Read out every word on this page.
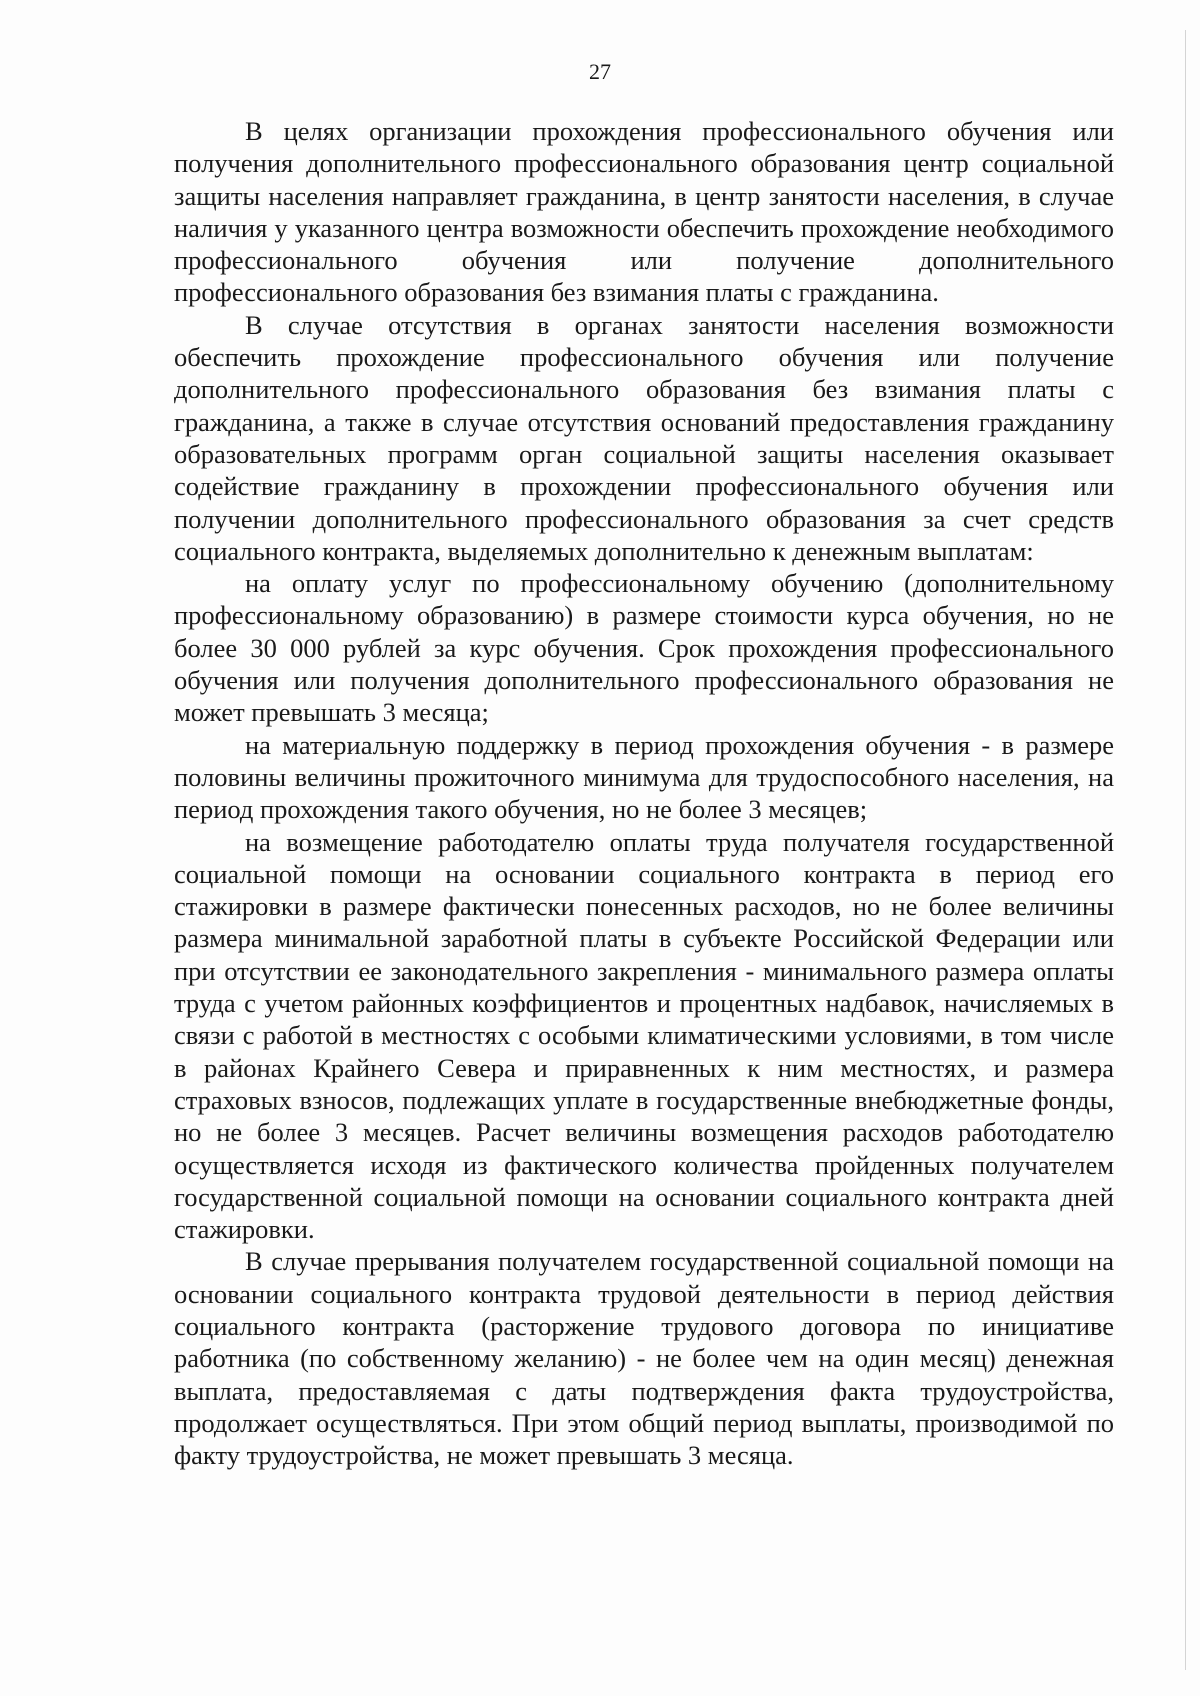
27

В целях организации прохождения профессионального обучения или получения дополнительного профессионального образования центр социальной защиты населения направляет гражданина, в центр занятости населения, в случае наличия у указанного центра возможности обеспечить прохождение необходимого профессионального обучения или получение дополнительного профессионального образования без взимания платы с гражданина.

В случае отсутствия в органах занятости населения возможности обеспечить прохождение профессионального обучения или получение дополнительного профессионального образования без взимания платы с гражданина, а также в случае отсутствия оснований предоставления гражданину образовательных программ орган социальной защиты населения оказывает содействие гражданину в прохождении профессионального обучения или получении дополнительного профессионального образования за счет средств социального контракта, выделяемых дополнительно к денежным выплатам:

на оплату услуг по профессиональному обучению (дополнительному профессиональному образованию) в размере стоимости курса обучения, но не более 30 000 рублей за курс обучения. Срок прохождения профессионального обучения или получения дополнительного профессионального образования не может превышать 3 месяца;

на материальную поддержку в период прохождения обучения - в размере половины величины прожиточного минимума для трудоспособного населения, на период прохождения такого обучения, но не более 3 месяцев;

на возмещение работодателю оплаты труда получателя государственной социальной помощи на основании социального контракта в период его стажировки в размере фактически понесенных расходов, но не более величины размера минимальной заработной платы в субъекте Российской Федерации или при отсутствии ее законодательного закрепления - минимального размера оплаты труда с учетом районных коэффициентов и процентных надбавок, начисляемых в связи с работой в местностях с особыми климатическими условиями, в том числе в районах Крайнего Севера и приравненных к ним местностях, и размера страховых взносов, подлежащих уплате в государственные внебюджетные фонды, но не более 3 месяцев. Расчет величины возмещения расходов работодателю осуществляется исходя из фактического количества пройденных получателем государственной социальной помощи на основании социального контракта дней стажировки.

В случае прерывания получателем государственной социальной помощи на основании социального контракта трудовой деятельности в период действия социального контракта (расторжение трудового договора по инициативе работника (по собственному желанию) - не более чем на один месяц) денежная выплата, предоставляемая с даты подтверждения факта трудоустройства, продолжает осуществляться. При этом общий период выплаты, производимой по факту трудоустройства, не может превышать 3 месяца.
